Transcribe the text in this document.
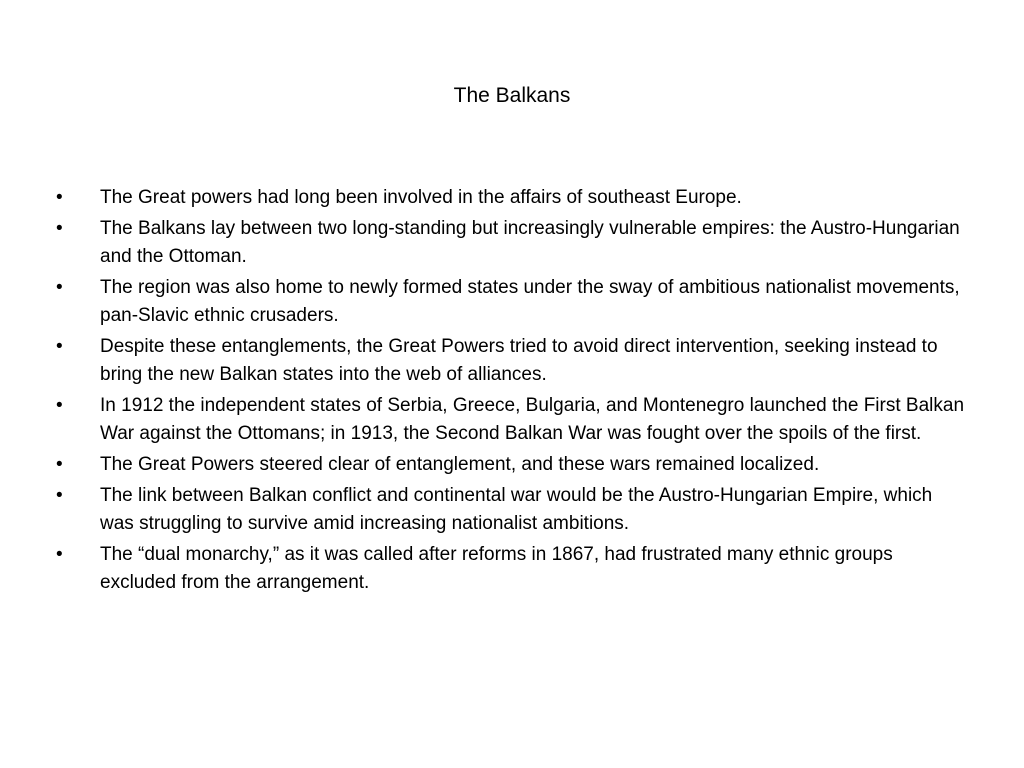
The Balkans
•	The Great powers had long been involved in the affairs of southeast Europe.
•	The Balkans lay between two long-standing but increasingly vulnerable empires: the Austro-Hungarian and the Ottoman.
•	The region was also home to newly formed states under the sway of ambitious nationalist movements, pan-Slavic ethnic crusaders.
•	Despite these entanglements, the Great Powers tried to avoid direct intervention, seeking instead to bring the new Balkan states into the web of alliances.
•	In 1912 the independent states of Serbia, Greece, Bulgaria, and Montenegro launched the First Balkan War against the Ottomans; in 1913, the Second Balkan War was fought over the spoils of the first.
•	The Great Powers steered clear of entanglement, and these wars remained localized.
•	The link between Balkan conflict and continental war would be the Austro-Hungarian Empire, which was struggling to survive amid increasing nationalist ambitions.
•	The “dual monarchy,” as it was called after reforms in 1867, had frustrated many ethnic groups excluded from the arrangement.
